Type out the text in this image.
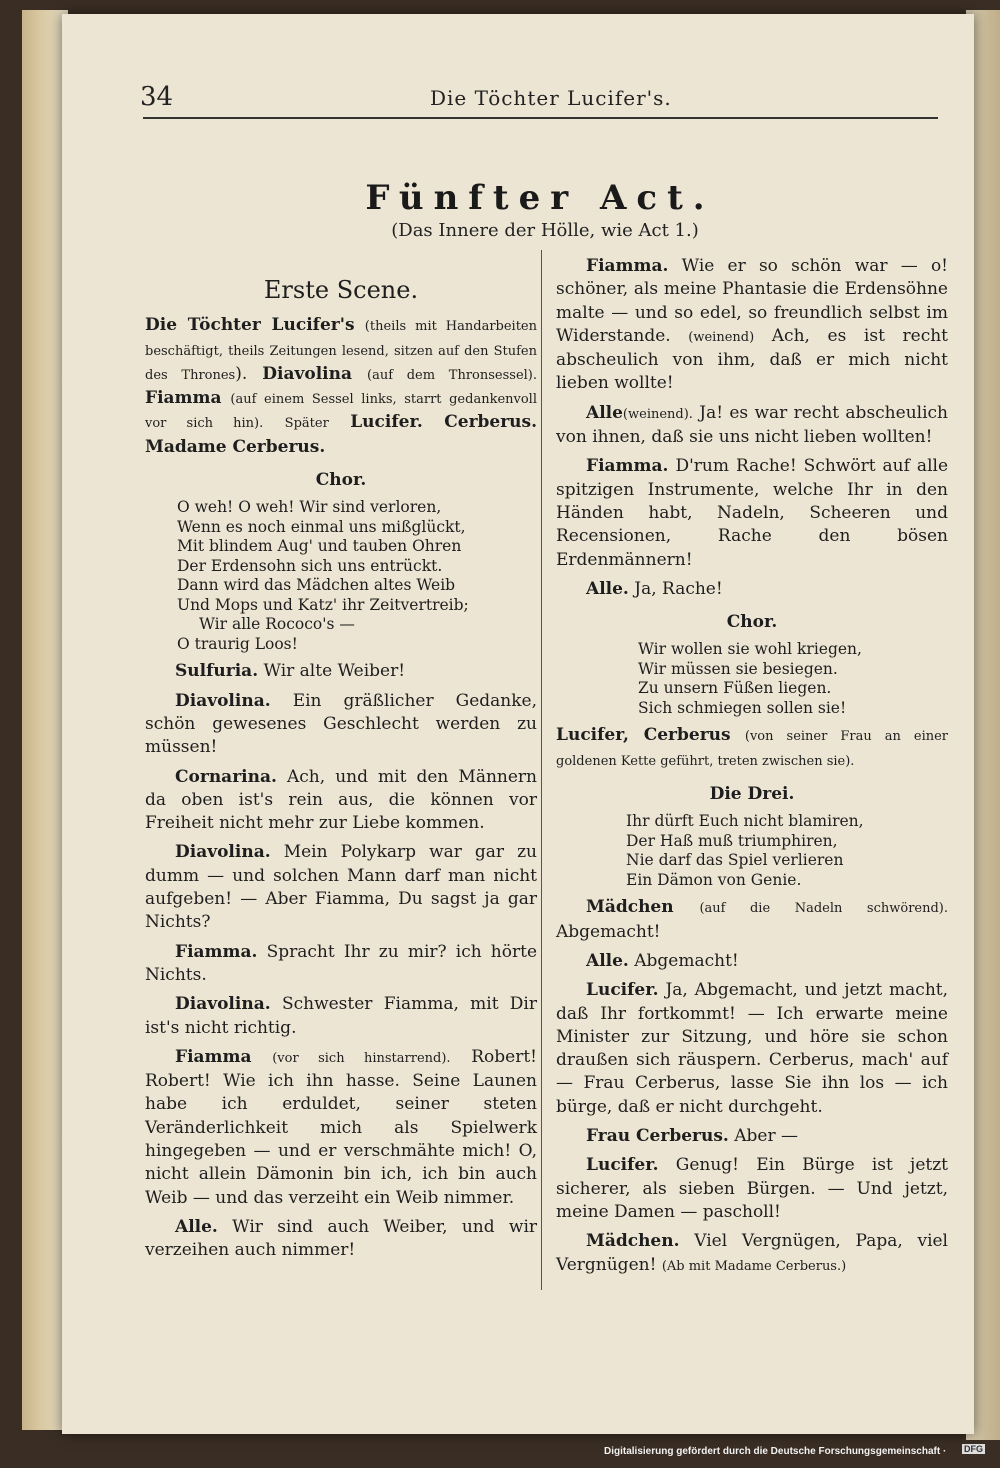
34	Die Töchter Lucifer's.
Fünfter Act.
(Das Innere der Hölle, wie Act 1.)

Erste Scene.

Die Töchter Lucifer's (theils mit Handarbeiten beschäftigt, theils Zeitungen lesend, sitzen auf den Stufen des Thrones). Diavolina (auf dem Thronsessel). Fiamma (auf einem Sessel links, starrt gedankenvoll vor sich hin). Später Lucifer. Cerberus. Madame Cerberus.

Chor.

O weh! O weh! Wir sind verloren,
Wenn es noch einmal uns mißglückt,
Mit blindem Aug' und tauben Ohren
Der Erdensohn sich uns entrückt.
Dann wird das Mädchen altes Weib
Und Mops und Katz' ihr Zeitvertreib;
Wir alle Rococo's —
O traurig Loos!

Sulfuria. Wir alte Weiber!

Diavolina. Ein gräßlicher Gedanke, schön gewesenes Geschlecht werden zu müssen!

Cornarina. Ach, und mit den Männern da oben ist's rein aus, die können vor Freiheit nicht mehr zur Liebe kommen.

Diavolina. Mein Polykarp war gar zu dumm — und solchen Mann darf man nicht aufgeben! — Aber Fiamma, Du sagst ja gar Nichts?

Fiamma. Spracht Ihr zu mir? ich hörte Nichts.

Diavolina. Schwester Fiamma, mit Dir ist's nicht richtig.

Fiamma (vor sich hinstarrend). Robert! Robert! Wie ich ihn hasse. Seine Launen habe ich erduldet, seiner steten Veränderlichkeit mich als Spielwerk hingegeben — und er verschmähte mich! O, nicht allein Dämonin bin ich, ich bin auch Weib — und das verzeiht ein Weib nimmer.

Alle. Wir sind auch Weiber, und wir verzeihen auch nimmer!

Fiamma. Wie er so schön war — o! schöner, als meine Phantasie die Erdensöhne malte — und so edel, so freundlich selbst im Widerstande. (weinend) Ach, es ist recht abscheulich von ihm, daß er mich nicht lieben wollte!

Alle(weinend). Ja! es war recht abscheulich von ihnen, daß sie uns nicht lieben wollten!

Fiamma. D'rum Rache! Schwört auf alle spitzigen Instrumente, welche Ihr in den Händen habt, Nadeln, Scheeren und Recensionen, Rache den bösen Erdenmännern!

Alle. Ja, Rache!

Chor.

Wir wollen sie wohl kriegen,
Wir müssen sie besiegen.
Zu unsern Füßen liegen.
Sich schmiegen sollen sie!

Lucifer, Cerberus (von seiner Frau an einer goldenen Kette geführt, treten zwischen sie).

Die Drei.

Ihr dürft Euch nicht blamiren,
Der Haß muß triumphiren,
Nie darf das Spiel verlieren
Ein Dämon von Genie.

Mädchen (auf die Nadeln schwörend). Abgemacht!

Alle. Abgemacht!

Lucifer. Ja, Abgemacht, und jetzt macht, daß Ihr fortkommt! — Ich erwarte meine Minister zur Sitzung, und höre sie schon draußen sich räuspern. Cerberus, mach' auf — Frau Cerberus, lasse Sie ihn los — ich bürge, daß er nicht durchgeht.

Frau Cerberus. Aber —

Lucifer. Genug! Ein Bürge ist jetzt sicherer, als sieben Bürgen. — Und jetzt, meine Damen — pascholl!

Mädchen. Viel Vergnügen, Papa, viel Vergnügen! (Ab mit Madame Cerberus.)

Digitalisierung gefördert durch die Deutsche Forschungsgemeinschaft · DFG
